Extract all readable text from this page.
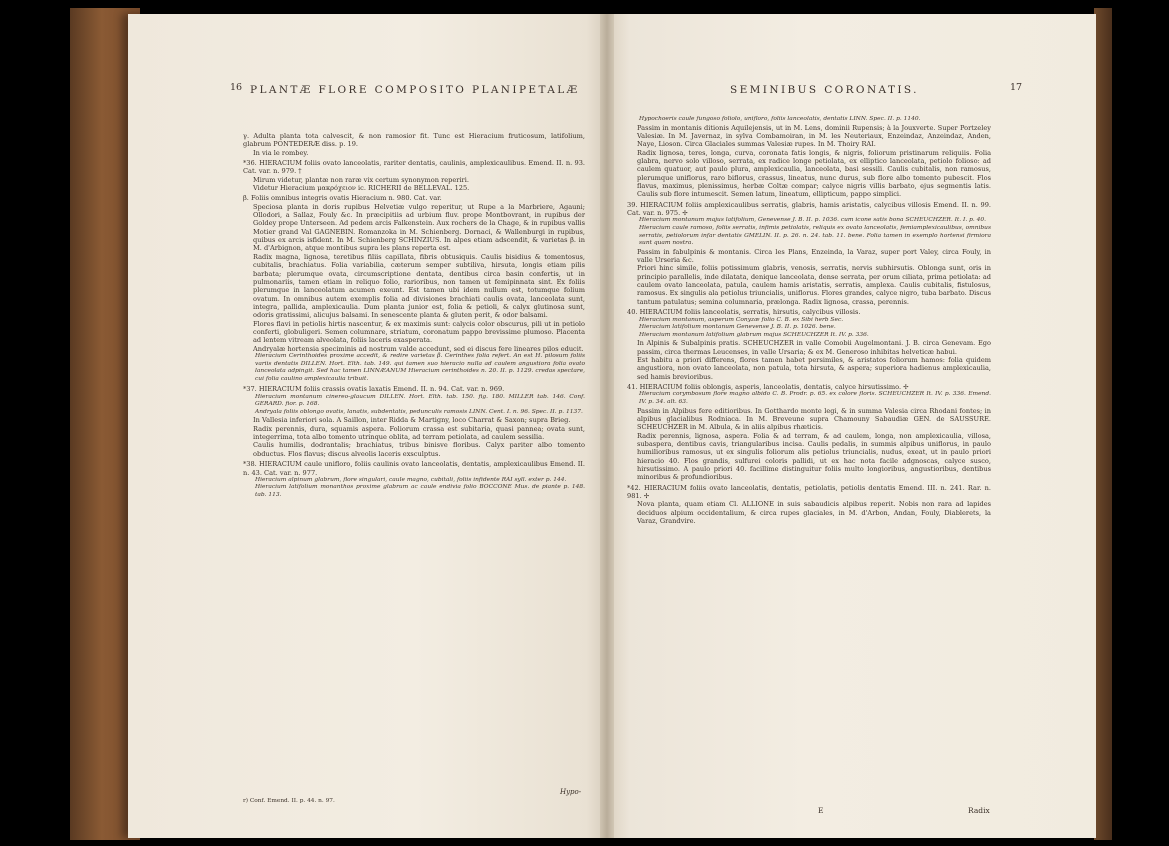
16 PLANTÆ FLORE COMPOSITO PLANIPETALÆ	17
SEMINIBUS CORONATIS.

γ. Adulta planta tota calvescit, & non ramosior fit. Tunc est Hieracium fruticosum, latifolium, glabrum PONTEDERÆ diss. p. 19.

In via le rombey.

*36. HIERACIUM foliis ovato lanceolatis, rariter dentatis, caulinis, amplexicaulibus. Emend. II. n. 93. Cat. var. n. 979. †

Mirum videtur, plantæ non raræ vix certum synonymon reperiri.

Videtur Hieracium μακρόχειον ic. RICHERII de BELLEVAL. 125.

β. Foliis omnibus integris ovatis Hieracium n. 980. Cat. var.

Speciosa planta in doris rupibus Helvetiæ vulgo reperitur, ut Rupe a la Marbriere, Agauni; Ollodori, a Sallaz, Fouly &c. In præcipitiis ad urbium fluv. prope Montbovrant, in rupibus der Goldey prope Unterseen. Ad pedem arcis Falkenstein. Aux rochers de la Chage, & in rupibus vallis Motier grand Val GAGNEBIN. Romanzoka in M. Schienberg. Dornaci, & Wallenburgi in rupibus, quibus ex arcis isfident. In M. Schienberg SCHINZIUS. In alpes etiam adscendit, & varietas β. in M. d'Arbignon, atque montibus supra les plans reperta est.

Radix magna, lignosa, teretibus filiis capillata, fibris obtusiquis. Caulis bisidius & tomentosus, cubitalis, brachiatus. Folia variabilia, cæterum semper subtiliva, hirsuta, longis etiam pilis barbata; plerumque ovata, circumscriptione dentata, dentibus circa basin confertis, ut in pulmonariis, tamen etiam in reliquo folio, rarioribus, non tamen ut femipinnata sint. Ex foliis plerumque in lanceolatum acumen exeunt. Est tamen ubi idem nullum est, totumque folium ovatum. In omnibus autem exemplis folia ad divisiones brachiati caulis ovata, lanceolata sunt, integra, pallida, amplexicaulia. Dum planta junior est, folia & petioli, & calyx glutinosa sunt, odoris gratissimi, alicujus balsami. In senescente planta & gluten perit, & odor balsami.

Flores flavi in petiolis hirtis nascentur, & ex maximis sunt: calycis color obscurus, pili ut in petiolo conferti, globuligeri. Semen columnare, striatum, coronatum pappo brevissime plumoso. Placenta ad lentem vitream alveolata, foliis laceris exasperata.

Andryalæ hortensia speciminis ad nostrum valde accedunt, sed ei discus fere lineares pilos educit.

Hieracium Cerinthoides proxime accedit, & redire varietas β. Cerinthes folia refert. An est H. pilosum foliis variis dentatis DILLEN. Hort. Elth. tab. 149. qui tamen suo hieracio nulla ad caulem angustiora folia ovato lanceolata adpingit. Sed hac tamen LINNÆANUM Hieracium cerinthoides n. 20. II. p. 1129. credas spectare, cui folia caulino amplexicaulia tribuit.

*37. HIERACIUM foliis crassis ovatis laxatis Emend. II. n. 94. Cat. var. n. 969.

Hieracium montanum cinereo-glaucum DILLEN. Hort. Elth. tab. 150. fig. 180. MILLER tab. 146. Conf. GERARD. fior. p. 168.

Andryala foliis oblongo ovatis, lanatis, subdentatis, pedunculis ramosis LINN. Cent. I. n. 96. Spec. II. p. 1137.

In Vallesia inferiori sola. A Saillon, inter Ridda & Martigny, loco Charrat & Saxon; supra Brieg.

Radix perennis, dura, squamis aspera. Foliorum crassa est subitaria, quasi pannea; ovata sunt, integerrima, tota albo tomento utrinque oblita, ad terram petiolata, ad caulem sessilia.

Caulis humilis, dodrantalis; brachiatus, tribus binisve floribus. Calyx pariter albo tomento obductus. Flos flavus; discus alveolis laceris exsculptus.

*38. HIERACIUM caule unifloro, foliis caulinis ovato lanceolatis, dentatis, amplexicaulibus Emend. II. n. 43. Cat. var. n. 977.

Hieracium alpinum glabrum, flore singulari, caule magno, cubitali, foliis infidente RAI syll. exter p. 144.

Hieracium latifolium monanthos proxime glabrum ac caule endivia folio BOCCONE Mus. de piante p. 148. tab. 113.

Hypochoeris caule fungoso foliolo, unifloro, foliis lanceolatis, dentatis LINN. Spec. II. p. 1140.

Passim in montanis ditionis Aquilejensis, ut in M. Lens, dominii Rupensis; à la Jouxverte. Super Portzeley Valesiæ. In M. Javernaz, in sylva Combamoiran, in M. les Neuteriaux, Enzeindaz, Anzeindaz, Anden, Naye, Lioson. Circa Glaciales summas Valesiæ rupes. In M. Thoiry RAI.

Radix lignosa, teres, longa, curva, coronata fatis longis, & nigris, foliorum pristinarum reliquiis. Folia glabra, nervo solo villoso, serrata, ex radice longe petiolata, ex elliptico lanceolata, petiolo folioso: ad caulem quatuor, aut paulo plura, amplexicaulia, lanceolata, basi sessili. Caulis cubitalis, non ramosus, plerumque uniflorus, raro biflorus, crassus, lineatus, nunc durus, sub flore albo tomento pubescit. Flos flavus, maximus, plenissimus, herbæ Coltæ compar; calyce nigris villis barbato, ejus segmentis latis. Caulis sub flore intumescit. Semen latum, lineatum, ellipticum, pappo simplici.

39. HIERACIUM foliis amplexicaulibus serratis, glabris, hamis aristatis, calycibus villosis Emend. II. n. 99. Cat. var. n. 975. ✢

Hieracium montanum majus latifolium, Genevense J. B. II. p. 1036. cum icone satis bona SCHEUCHZER. It. I. p. 40.

Hieracium caule ramoso, foliis serratis, infimis petiolatis, reliquis ex ovato lanceolatis, femiamplexicaulibus, omnibus serratis, petiolorum infar dentatis GMELIN. II. p. 26. n. 24. tab. 11. bene. Folia tamen in exemplo hortensi firmiora sunt quam nostra.

Passim in fabulpinis & montanis. Circa les Plans, Enzeinda, la Varaz, super port Valey, circa Fouly, in valle Urseria &c.

Priori hinc simile, foliis potissimum glabris, venosis, serratis, nervis subhirsutis. Oblonga sunt, oris in principio parallelis, inde dilatata, denique lanceolata, dense serrata, per orum ciliata, prima petiolata: ad caulem ovato lanceolata, patula, caulem hamis aristatis, serratis, amplexa. Caulis cubitalis, fistulosus, ramosus. Ex singulis ala petiolus triuncialis, uniflorus. Flores grandes, calyce nigro, tuba barbato. Discus tantum patulatus; semina columnaria, prælonga. Radix lignosa, crassa, perennis.

40. HIERACIUM foliis lanceolatis, serratis, hirsutis, calycibus villosis.

Hieracium montanum, asperum Conyzæ folio C. B. ex Sibi herb Sec.

Hieracium latifolium montanum Genevense J. B. II. p. 1026. bene.

Hieracium montanum latifolium glabrum majus SCHEUCHZER It. IV. p. 336.

In Alpinis & Subalpinis pratis. SCHEUCHZER in valle Comobii Augelmontani. J. B. circa Genevam. Ego passim, circa thermas Leucenses, in valle Ursaria; & ex M. Generoso inhibitas helveticæ habui.

Est habitu a priori differens, flores tamen habet persimiles, & aristatos foliorum hamos: folia quidem angustiora, non ovato lanceolata, non patula, tota hirsuta, & aspera; superiora hadienus amplexicaulia, sed hamis brevioribus.

41. HIERACIUM foliis oblongis, asperis, lanceolatis, dentatis, calyce hirsutissimo. ✢

Hieracium corymbosum flore magno albido C. B. Prodr. p. 65. ex colore floris. SCHEUCHZER It. IV. p. 336. Emend. IV. p. 34. alt. 63.

Passim in Alpibus fere editioribus. In Gotthardo monte legi, & in summa Valesia circa Rhodani fontes; in alpibus glacialibus Rodniaca. In M. Breveune supra Chamouny Sabaudiæ GEN. de SAUSSURE. SCHEUCHZER in M. Albula, & in aliis alpibus rhæticis.

Radix perennis, lignosa, aspera. Folia & ad terram, & ad caulem, longa, non amplexicaulia, villosa, subaspera, dentibus cavis, triangularibus incisa. Caulis pedalis, in summis alpibus uniflorus, in paulo humilioribus ramosus, ut ex singulis foliorum alis petiolus triuncialis, nudus, exeat, ut in paulo priori hieracio 40. Flos grandis, sulfurei coloris pallidi, ut ex hac nota facile adgnoscas, calyce susco, hirsutissimo. A paulo priori 40. facillime distinguitur foliis multo longioribus, angustioribus, dentibus minoribus & profundioribus.

*42. HIERACIUM foliis ovato lanceolatis, dentatis, petiolatis, petiolis dentatis Emend. III. n. 241. Rar. n. 981. ✢

Nova planta, quam etiam Cl. ALLIONE in suis sabaudicis alpibus reperit. Nobis non rara ad lapides deciduos alpium occidentalium, & circa rupes glaciales, in M. d'Arbon, Andan, Fouly, Diablerets, la Varaz, Grandvire.

r) Conf. Emend. II. p. 44. n. 97.
Hypo-
E	Radix
